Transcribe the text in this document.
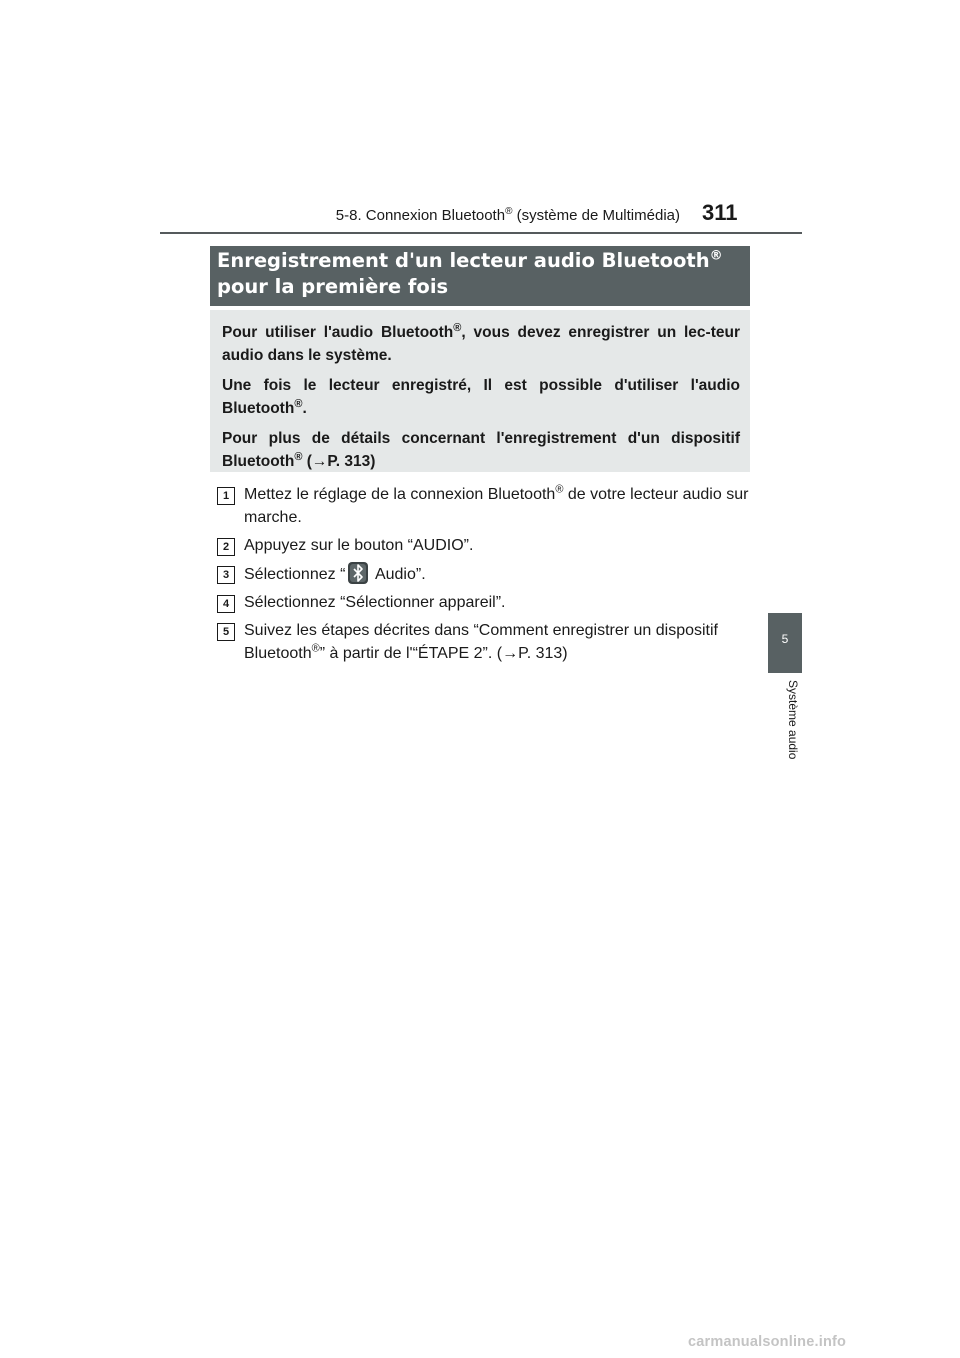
5-8. Connexion Bluetooth® (système de Multimédia) 311
Enregistrement d'un lecteur audio Bluetooth®
pour la première fois

Pour utiliser l'audio Bluetooth®, vous devez enregistrer un lec-teur audio dans le système.

Une fois le lecteur enregistré, Il est possible d'utiliser l'audio Bluetooth®.

Pour plus de détails concernant l'enregistrement d'un dispositif Bluetooth® (→P. 313)

1 Mettez le réglage de la connexion Bluetooth® de votre lecteur audio sur marche.
2 Appuyez sur le bouton “AUDIO”.
3 Sélectionnez “ Audio”.
4 Sélectionnez “Sélectionner appareil”.
5 Suivez les étapes décrites dans “Comment enregistrer un dispositif Bluetooth®” à partir de l'“ÉTAPE 2”. (→P. 313)
5
Système audio
carmanualsonline.info
